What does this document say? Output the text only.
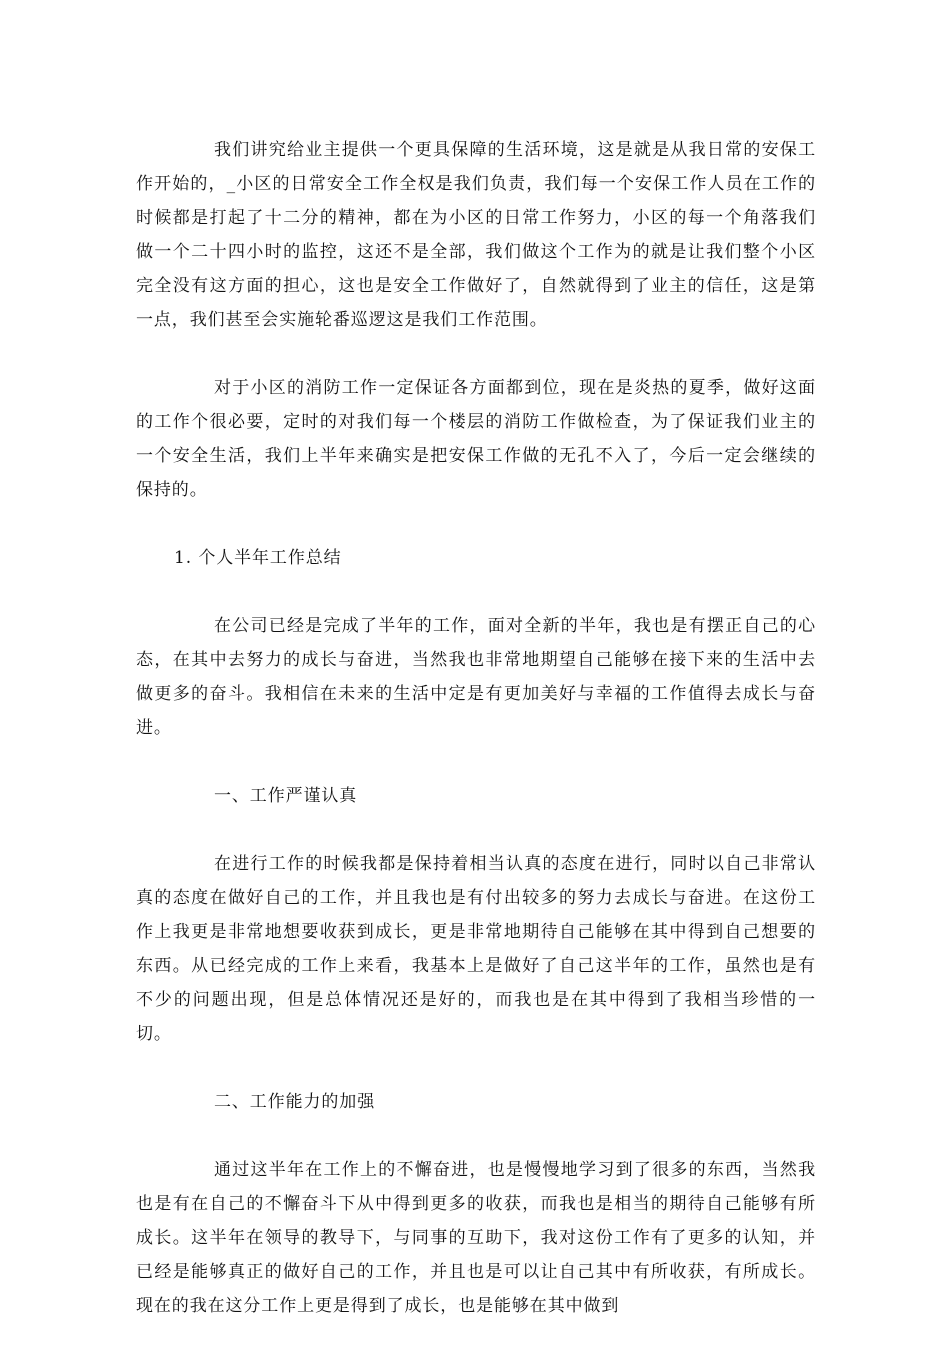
我们讲究给业主提供一个更具保障的生活环境，这是就是从我日常的安保工作开始的，_小区的日常安全工作全权是我们负责，我们每一个安保工作人员在工作的时候都是打起了十二分的精神，都在为小区的日常工作努力，小区的每一个角落我们做一个二十四小时的监控，这还不是全部，我们做这个工作为的就是让我们整个小区完全没有这方面的担心，这也是安全工作做好了，自然就得到了业主的信任，这是第一点，我们甚至会实施轮番巡逻这是我们工作范围。

对于小区的消防工作一定保证各方面都到位，现在是炎热的夏季，做好这面的工作个很必要，定时的对我们每一个楼层的消防工作做检查，为了保证我们业主的一个安全生活，我们上半年来确实是把安保工作做的无孔不入了，今后一定会继续的保持的。

1. 个人半年工作总结

在公司已经是完成了半年的工作，面对全新的半年，我也是有摆正自己的心态，在其中去努力的成长与奋进，当然我也非常地期望自己能够在接下来的生活中去做更多的奋斗。我相信在未来的生活中定是有更加美好与幸福的工作值得去成长与奋进。

一、工作严谨认真

在进行工作的时候我都是保持着相当认真的态度在进行，同时以自己非常认真的态度在做好自己的工作，并且我也是有付出较多的努力去成长与奋进。在这份工作上我更是非常地想要收获到成长，更是非常地期待自己能够在其中得到自己想要的东西。从已经完成的工作上来看，我基本上是做好了自己这半年的工作，虽然也是有不少的问题出现，但是总体情况还是好的，而我也是在其中得到了我相当珍惜的一切。

二、工作能力的加强

通过这半年在工作上的不懈奋进，也是慢慢地学习到了很多的东西，当然我也是有在自己的不懈奋斗下从中得到更多的收获，而我也是相当的期待自己能够有所成长。这半年在领导的教导下，与同事的互助下，我对这份工作有了更多的认知，并已经是能够真正的做好自己的工作，并且也是可以让自己其中有所收获，有所成长。现在的我在这分工作上更是得到了成长，也是能够在其中做到
